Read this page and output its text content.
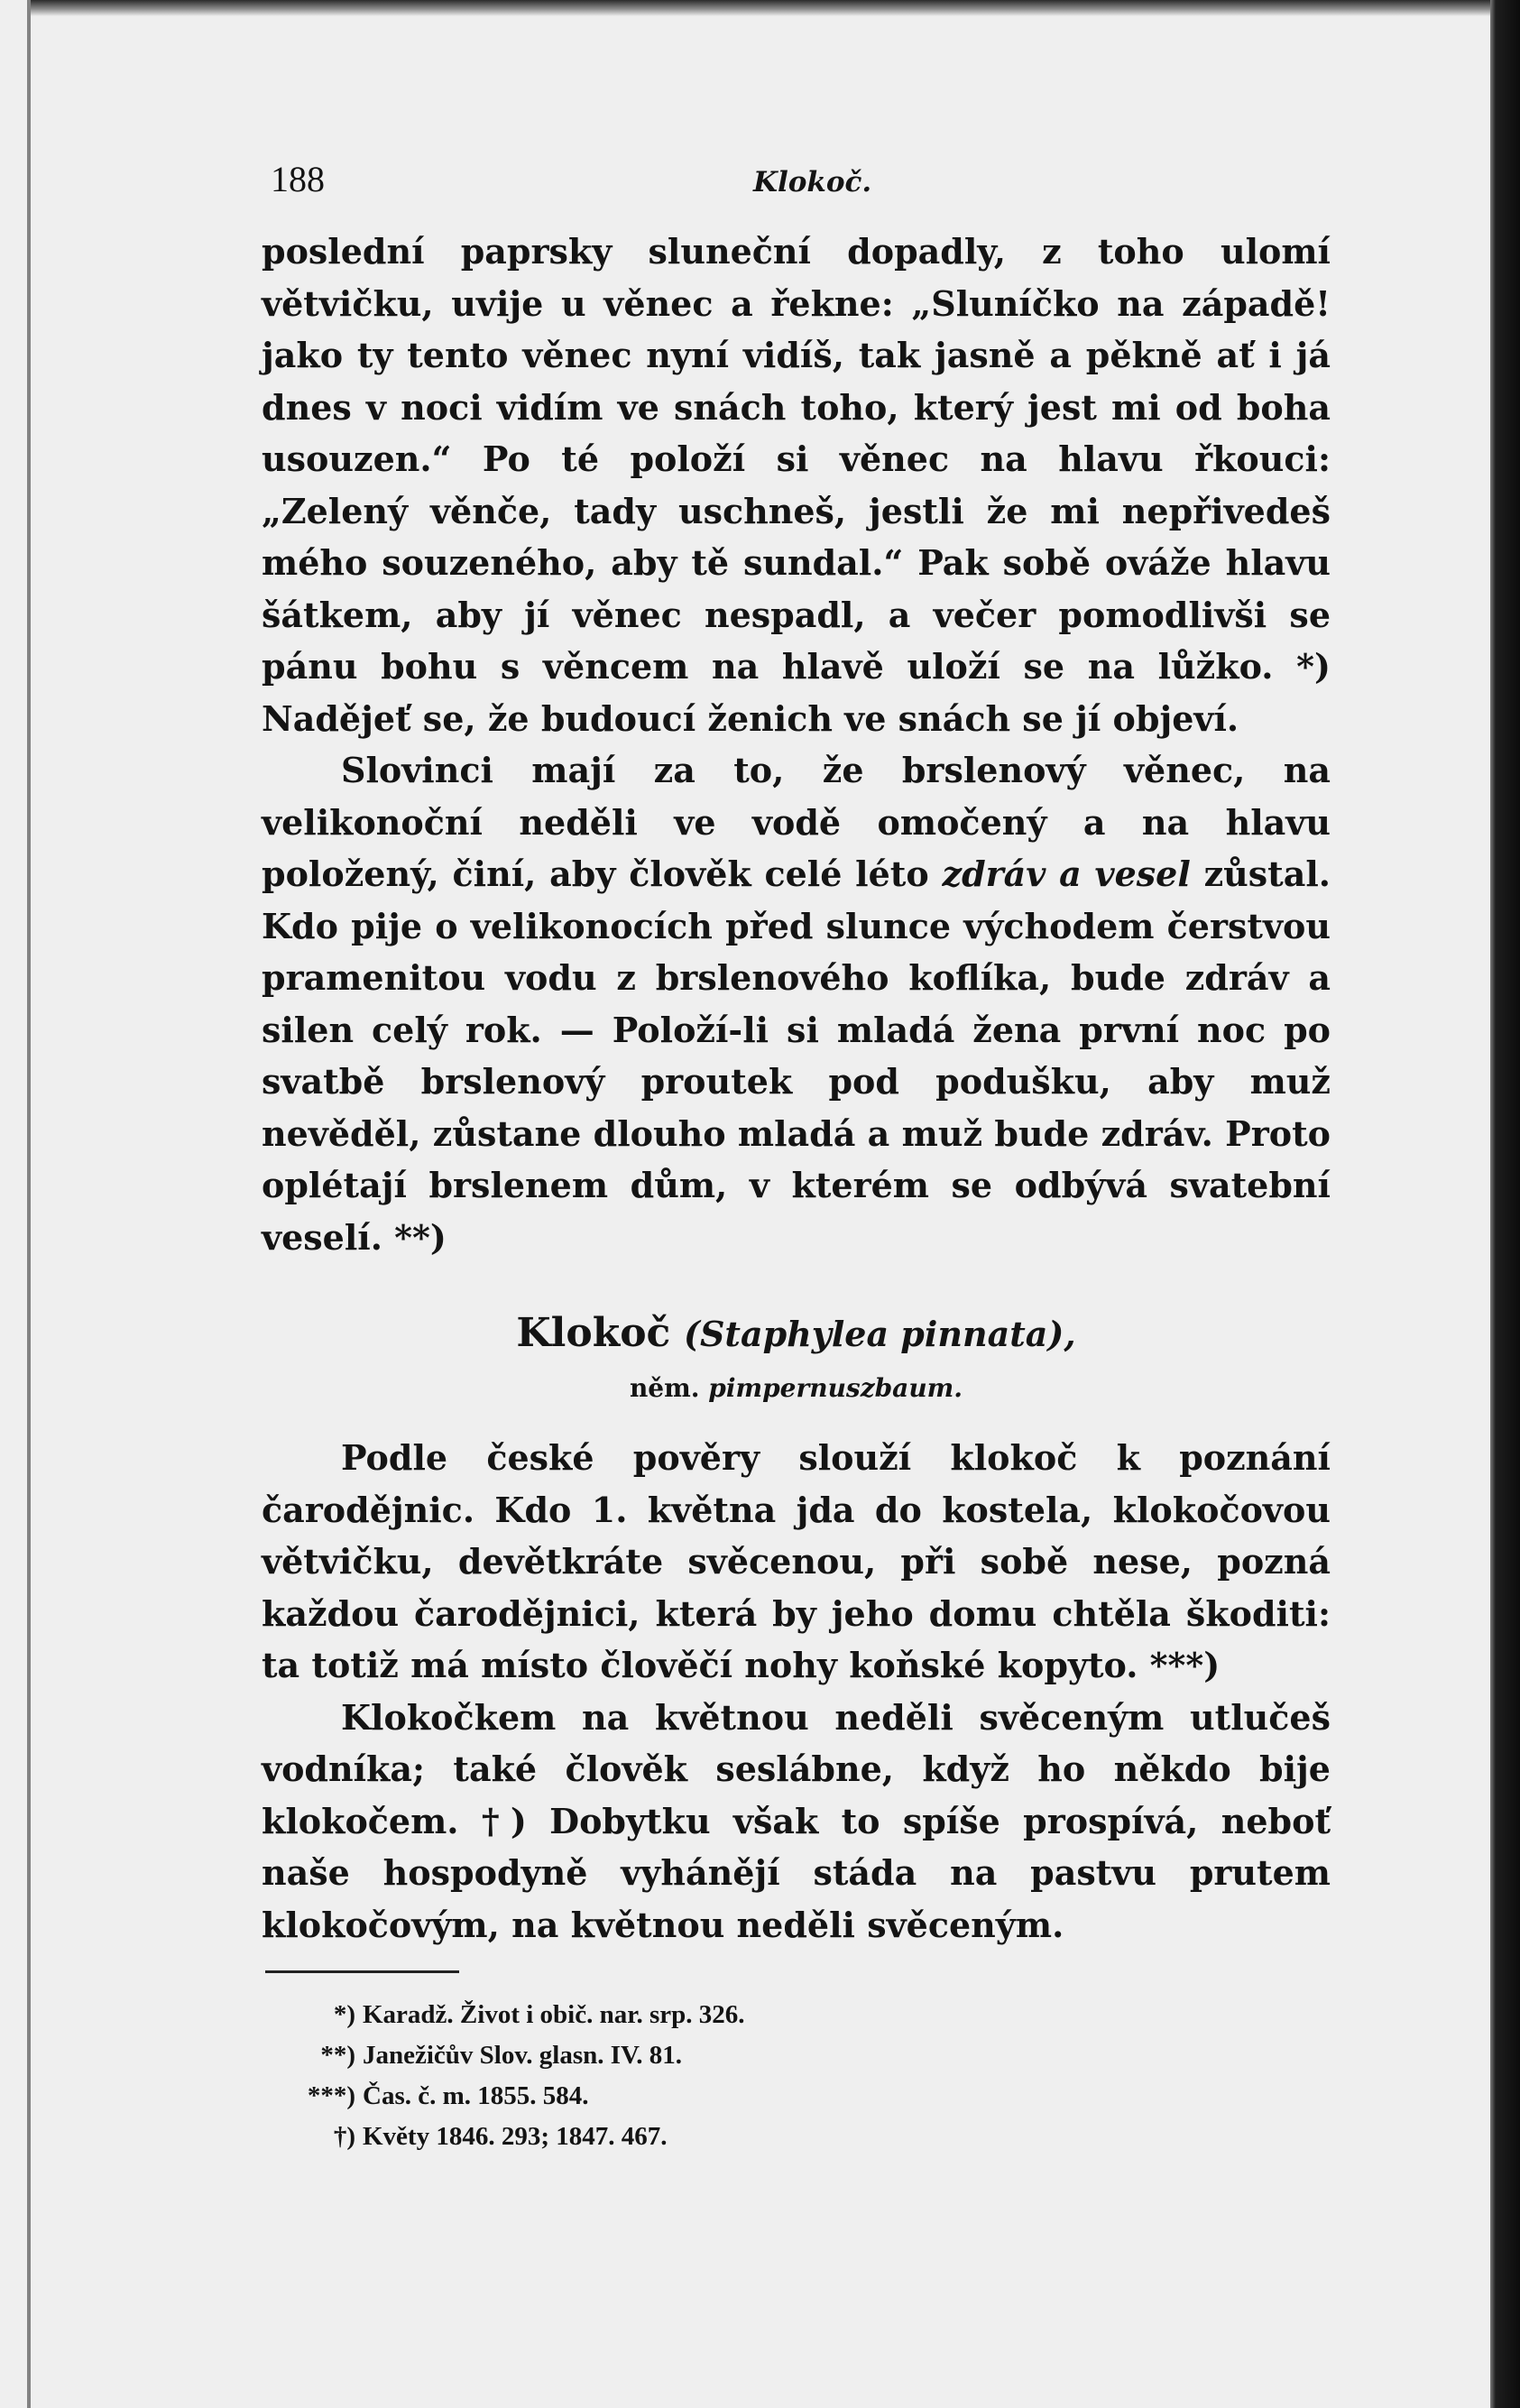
188	Klokoč.

poslední paprsky sluneční dopadly, z toho ulomí větvičku, uvije u věnec a řekne: „Sluníčko na západě! jako ty tento věnec nyní vidíš, tak jasně a pěkně ať i já dnes v noci vidím ve snách toho, který jest mi od boha usouzen.“ Po té položí si věnec na hlavu řkouci: „Zelený věnče, tady uschneš, jestli že mi nepřivedeš mého souzeného, aby tě sundal.“ Pak sobě ováže hlavu šátkem, aby jí věnec nespadl, a večer pomodlivši se pánu bohu s věncem na hlavě uloží se na lůžko. *) Nadějeť se, že budoucí ženich ve snách se jí objeví.

Slovinci mají za to, že brslenový věnec, na velikonoční neděli ve vodě omočený a na hlavu položený, činí, aby člověk celé léto zdráv a vesel zůstal. Kdo pije o velikonocích před slunce východem čerstvou pramenitou vodu z brslenového koflíka, bude zdráv a silen celý rok. — Položí-li si mladá žena první noc po svatbě brslenový proutek pod podušku, aby muž nevěděl, zůstane dlouho mladá a muž bude zdráv. Proto oplétají brslenem dům, v kterém se odbývá svatební veselí. **)

Klokoč (Staphylea pinnata),
něm. pimpernuszbaum.

Podle české pověry slouží klokoč k poznání čarodějnic. Kdo 1. května jda do kostela, klokočovou větvičku, devětkráte svěcenou, při sobě nese, pozná každou čarodějnici, která by jeho domu chtěla škoditi: ta totiž má místo člověčí nohy koňské kopyto. ***)

Klokočkem na květnou neděli svěceným utlučeš vodníka; také člověk seslábne, když ho někdo bije klokočem. †) Dobytku však to spíše prospívá, neboť naše hospodyně vyhánějí stáda na pastvu prutem klokočovým, na květnou neděli svěceným.

*) Karadž. Život i obič. nar. srp. 326.
**) Janežičův Slov. glasn. IV. 81.
***) Čas. č. m. 1855. 584.
†) Květy 1846. 293; 1847. 467.
